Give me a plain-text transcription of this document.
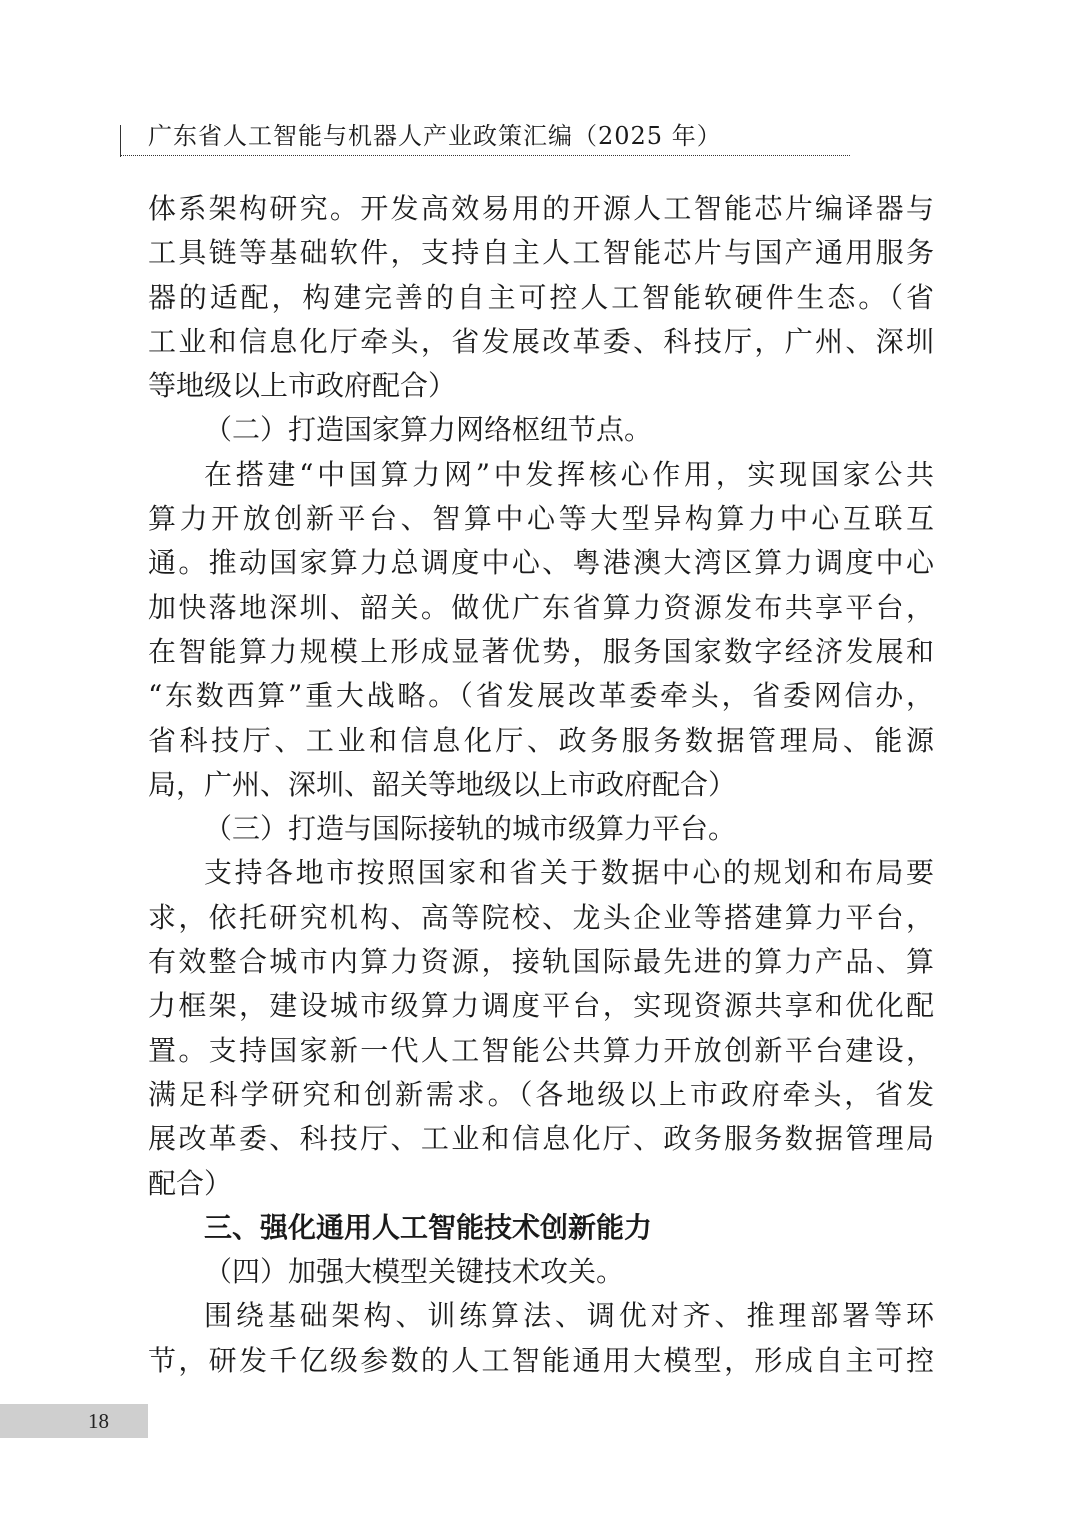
广东省人工智能与机器人产业政策汇编（2025 年）
体系架构研究。开发高效易用的开源人工智能芯片编译器与
工具链等基础软件，支持自主人工智能芯片与国产通用服务
器的适配，构建完善的自主可控人工智能软硬件生态。（省
工业和信息化厅牵头，省发展改革委、科技厅，广州、深圳
等地级以上市政府配合）
（二）打造国家算力网络枢纽节点。
在搭建“中国算力网”中发挥核心作用，实现国家公共
算力开放创新平台、智算中心等大型异构算力中心互联互
通。推动国家算力总调度中心、粤港澳大湾区算力调度中心
加快落地深圳、韶关。做优广东省算力资源发布共享平台，
在智能算力规模上形成显著优势，服务国家数字经济发展和
“东数西算”重大战略。（省发展改革委牵头，省委网信办，
省科技厅、工业和信息化厅、政务服务数据管理局、能源
局，广州、深圳、韶关等地级以上市政府配合）
（三）打造与国际接轨的城市级算力平台。
支持各地市按照国家和省关于数据中心的规划和布局要
求，依托研究机构、高等院校、龙头企业等搭建算力平台，
有效整合城市内算力资源，接轨国际最先进的算力产品、算
力框架，建设城市级算力调度平台，实现资源共享和优化配
置。支持国家新一代人工智能公共算力开放创新平台建设，
满足科学研究和创新需求。（各地级以上市政府牵头，省发
展改革委、科技厅、工业和信息化厅、政务服务数据管理局
配合）
三、强化通用人工智能技术创新能力
（四）加强大模型关键技术攻关。
围绕基础架构、训练算法、调优对齐、推理部署等环
节，研发千亿级参数的人工智能通用大模型，形成自主可控
18
